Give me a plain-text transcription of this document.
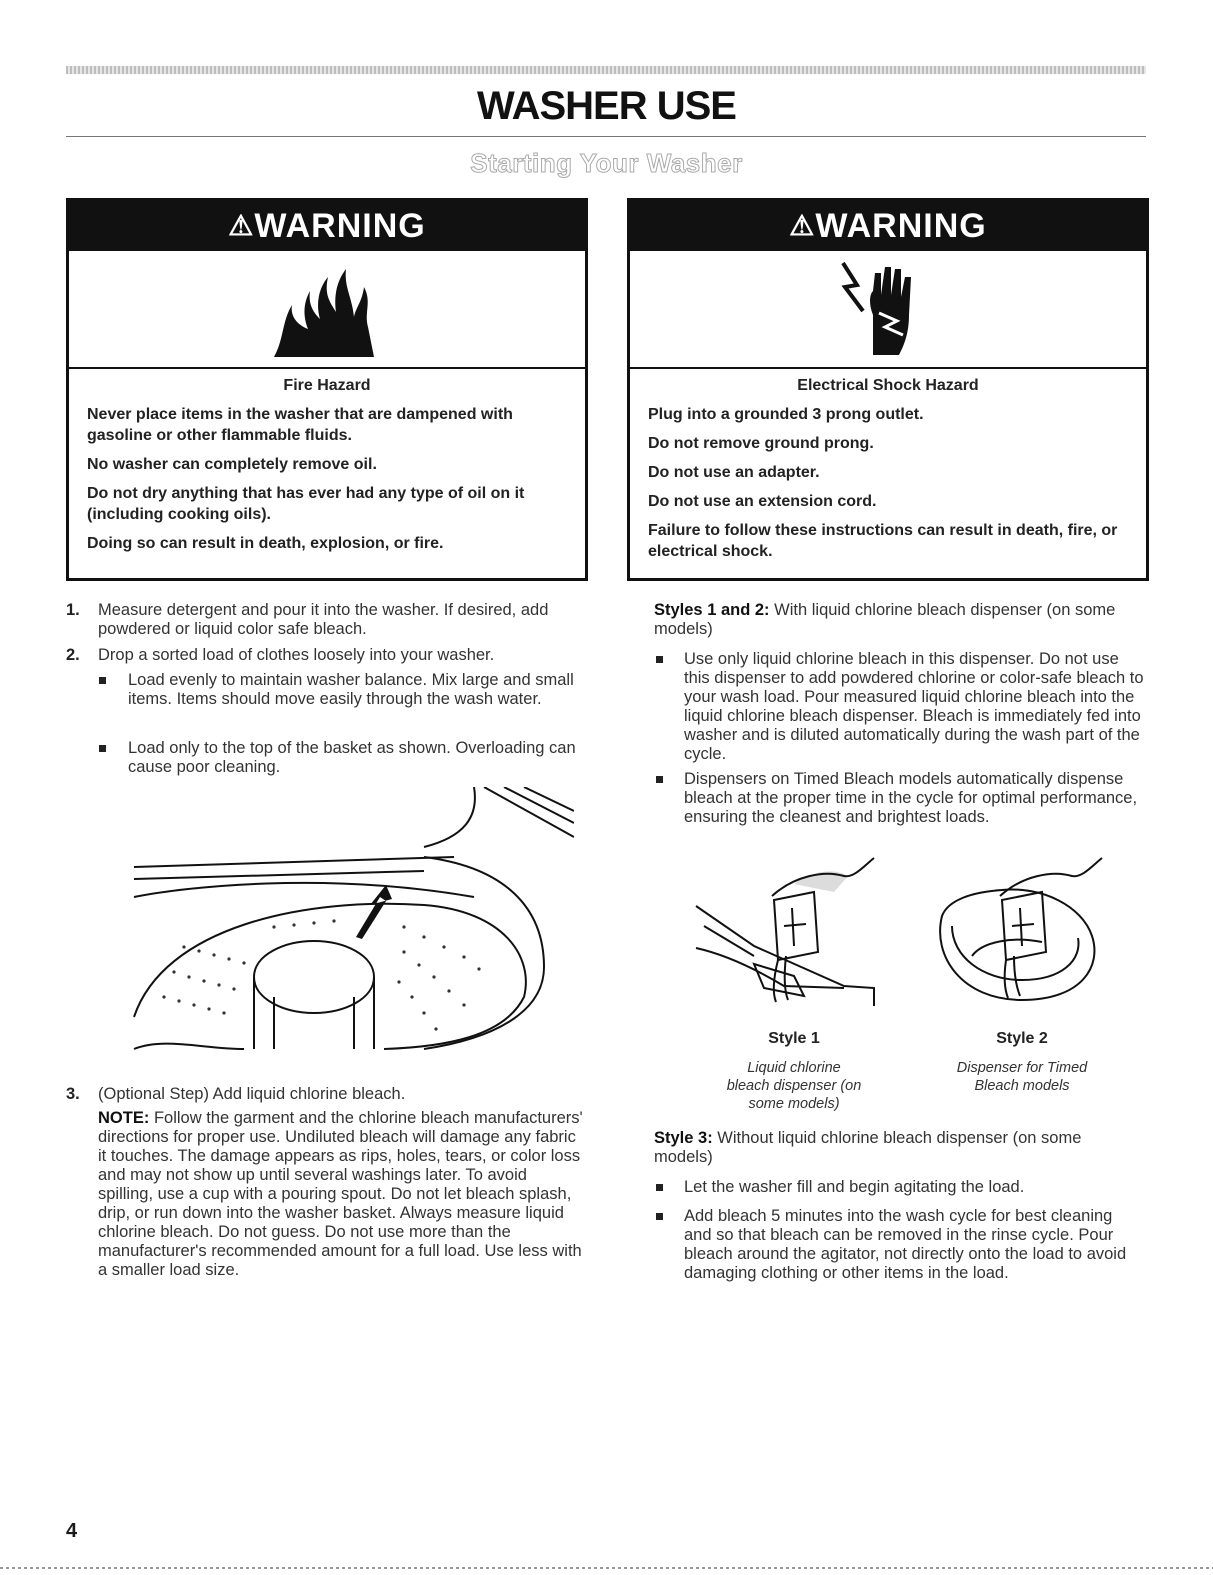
WASHER USE
Starting Your Washer
⚠WARNING
Fire Hazard

Never place items in the washer that are dampened with gasoline or other flammable fluids.

No washer can completely remove oil.

Do not dry anything that has ever had any type of oil on it (including cooking oils).

Doing so can result in death, explosion, or fire.

⚠WARNING
Electrical Shock Hazard

Plug into a grounded 3 prong outlet.

Do not remove ground prong.

Do not use an adapter.

Do not use an extension cord.

Failure to follow these instructions can result in death, fire, or electrical shock.

1. Measure detergent and pour it into the washer. If desired, add powdered or liquid color safe bleach.
2. Drop a sorted load of clothes loosely into your washer.
Load evenly to maintain washer balance. Mix large and small items. Items should move easily through the wash water.
Load only to the top of the basket as shown. Overloading can cause poor cleaning.
3. (Optional Step) Add liquid chlorine bleach.
NOTE: Follow the garment and the chlorine bleach manufacturers' directions for proper use. Undiluted bleach will damage any fabric it touches. The damage appears as rips, holes, tears, or color loss and may not show up until several washings later. To avoid spilling, use a cup with a pouring spout. Do not let bleach splash, drip, or run down into the washer basket. Always measure liquid chlorine bleach. Do not guess. Do not use more than the manufacturer's recommended amount for a full load. Use less with a smaller load size.
Styles 1 and 2: With liquid chlorine bleach dispenser (on some models)
Use only liquid chlorine bleach in this dispenser. Do not use this dispenser to add powdered chlorine or color-safe bleach to your wash load. Pour measured liquid chlorine bleach into the liquid chlorine bleach dispenser. Bleach is immediately fed into washer and is diluted automatically during the wash part of the cycle.
Dispensers on Timed Bleach models automatically dispense bleach at the proper time in the cycle for optimal performance, ensuring the cleanest and brightest loads.
Style 1
Liquid chlorine bleach dispenser (on some models)
Style 2
Dispenser for Timed Bleach models
Style 3: Without liquid chlorine bleach dispenser (on some models)
Let the washer fill and begin agitating the load.
Add bleach 5 minutes into the wash cycle for best cleaning and so that bleach can be removed in the rinse cycle. Pour bleach around the agitator, not directly onto the load to avoid damaging clothing or other items in the load.
4
